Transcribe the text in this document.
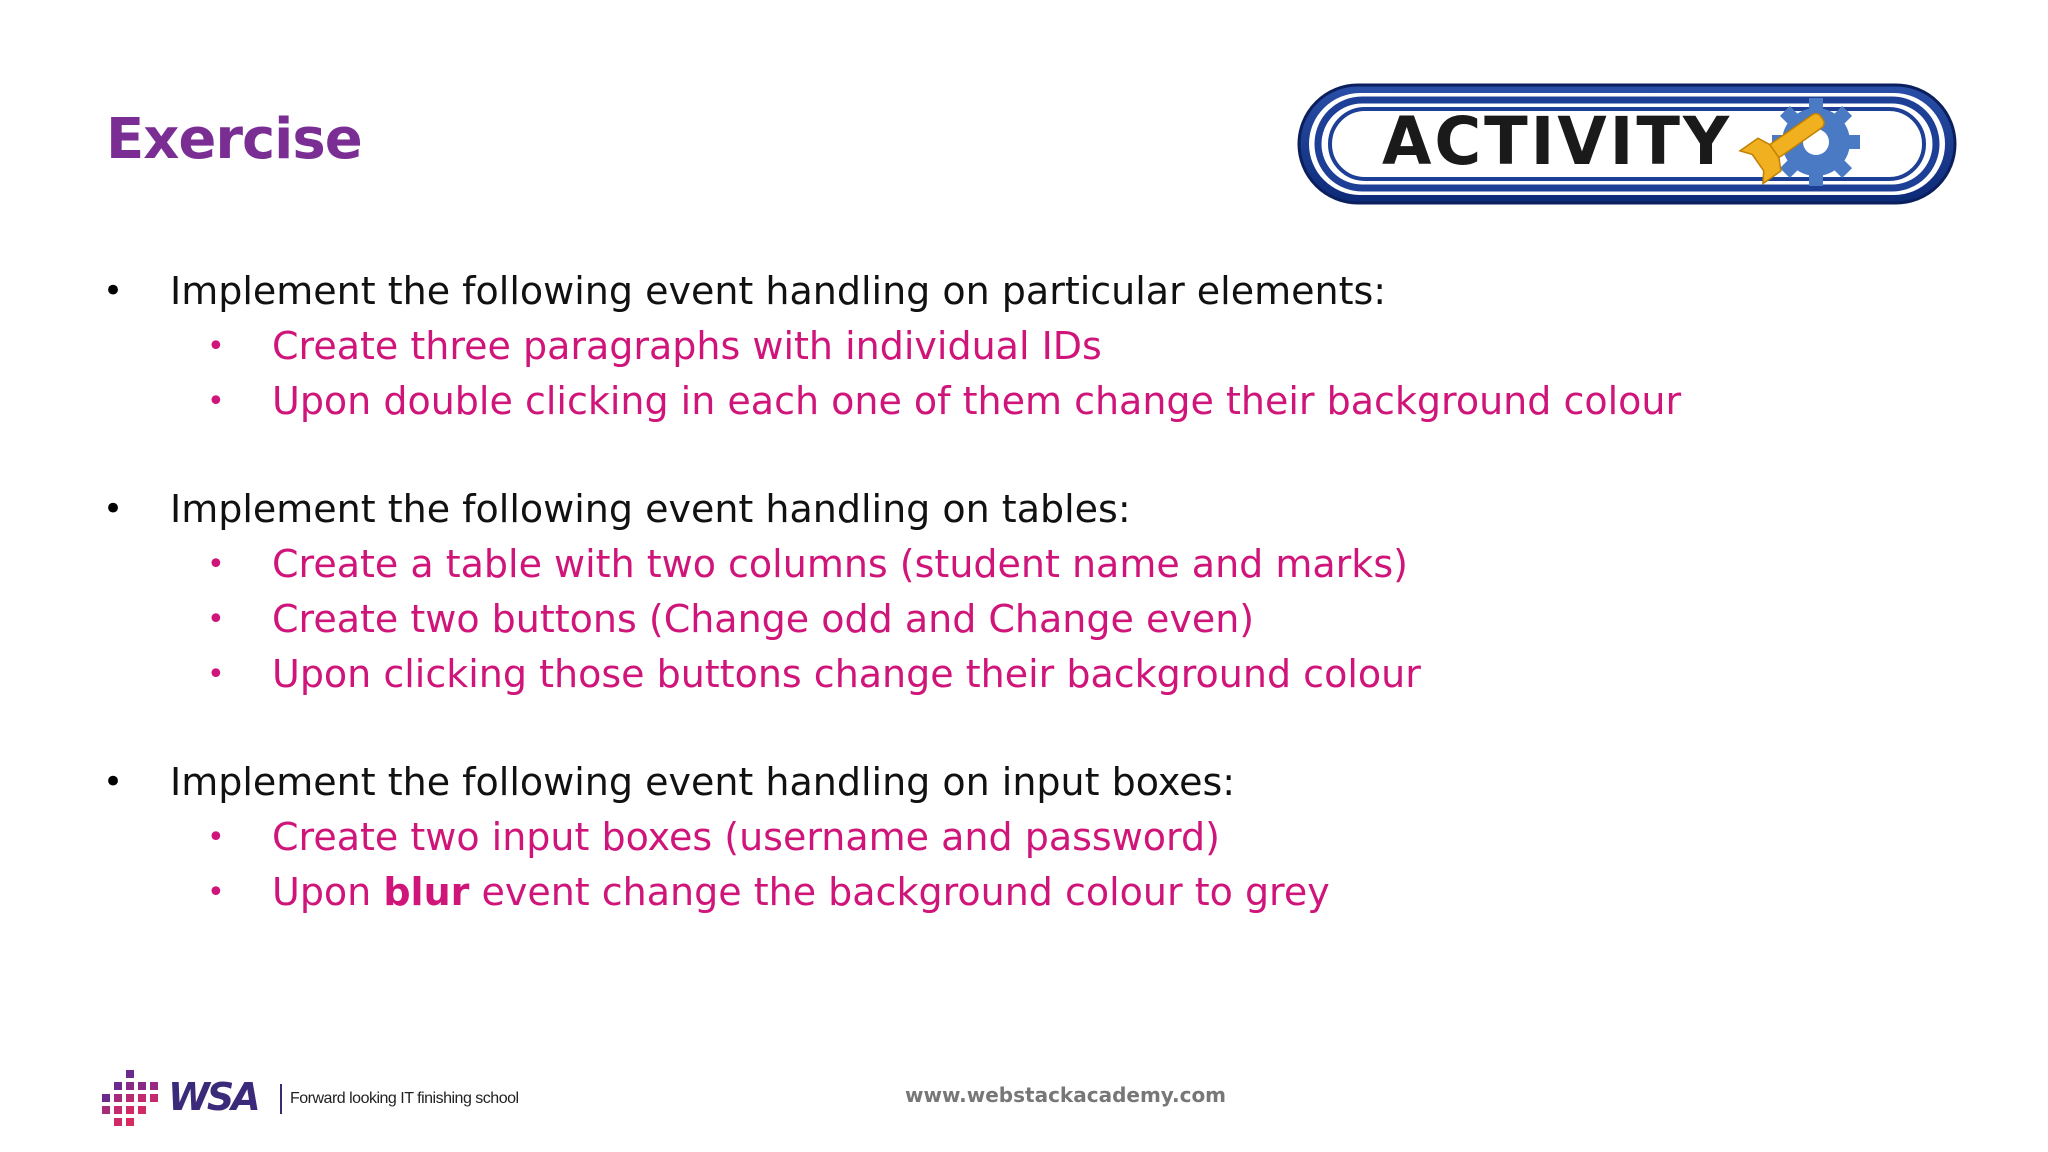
Exercise	ACTIVITY
• Implement the following event handling on particular elements:
• Create three paragraphs with individual IDs
• Upon double clicking in each one of them change their background colour
• Implement the following event handling on tables:
• Create a table with two columns (student name and marks)
• Create two buttons (Change odd and Change even)
• Upon clicking those buttons change their background colour
• Implement the following event handling on input boxes:
• Create two input boxes (username and password)
• Upon blur event change the background colour to grey
WSA Forward looking IT finishing school	www.webstackacademy.com
